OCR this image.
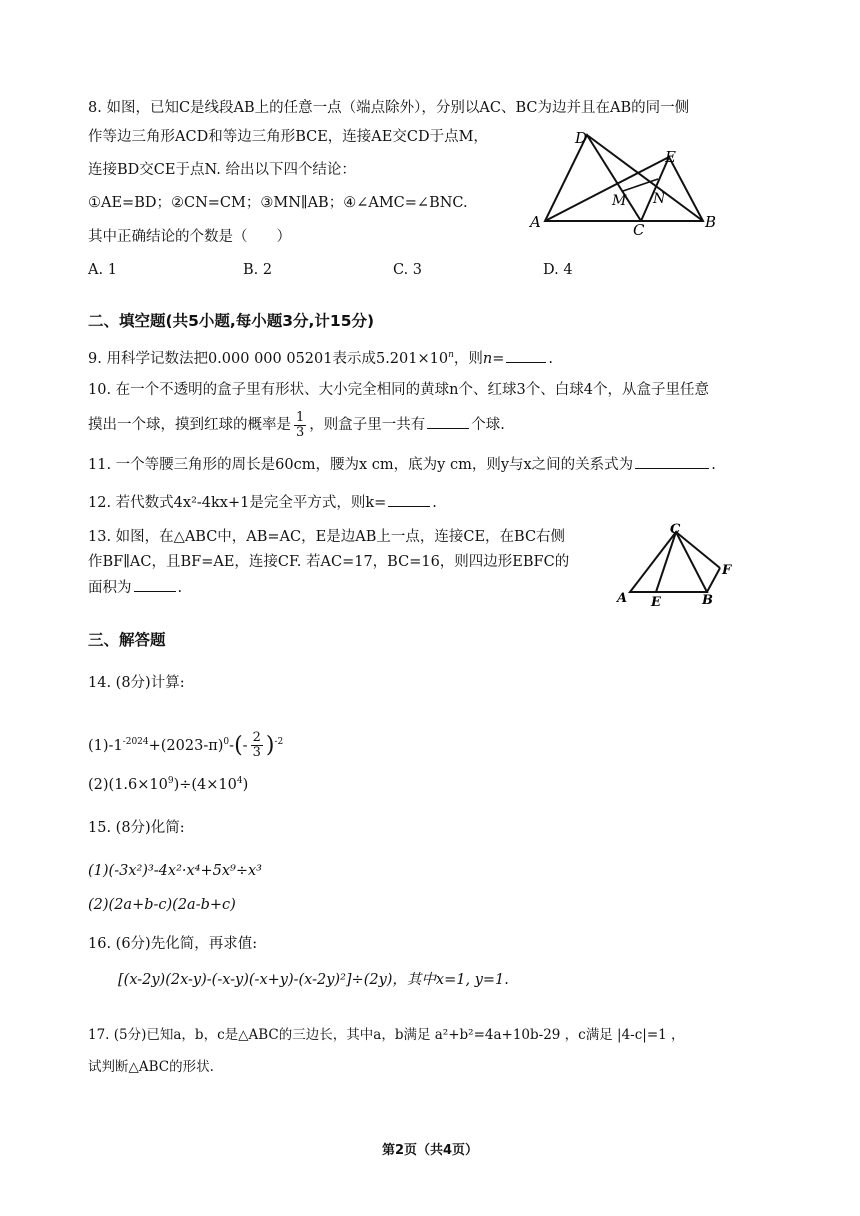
8. 如图，已知C是线段AB上的任意一点（端点除外），分别以AC、BC为边并且在AB的同一侧
作等边三角形ACD和等边三角形BCE，连接AE交CD于点M，
连接BD交CE于点N. 给出以下四个结论：
①AE=BD；②CN=CM；③MN∥AB；④∠AMC=∠BNC.
其中正确结论的个数是（　　）
A. 1	B. 2	C. 3	D. 4
D
E
M N
A	C	B
二、填空题(共5小题,每小题3分,计15分)
9. 用科学记数法把0.000 000 05201表示成$5.201\times 10^n$，则n=	.
10. 在一个不透明的盒子里有形状、大小完全相同的黄球n个、红球3个、白球4个，从盒子里任意
摸出一个球，摸到红球的概率是 $\frac{1}{3}$ ，则盒子里一共有	个球.
11. 一个等腰三角形的周长是60cm，腰为x cm，底为y cm，则y与x之间的关系式为	.
12. 若代数式4x²-4kx+1是完全平方式，则k=	.
13. 如图，在△ABC中，AB=AC，E是边AB上一点，连接CE，在BC右侧
作BF∥AC，且BF=AE，连接CF. 若AC=17，BC=16，则四边形EBFC的
面积为	.
C
F
A E	B
三、解答题
14. (8分)计算:
$(1)-1^{-2024}+(2023-\pi)^0-(- \frac{2}{3} )^{-2}$
$(2)(1.6\times 10^9)\div(4\times 10^4)$
15. (8分)化简:
(1)(-3x²)³-4x²·x⁴+5x⁹÷x³
(2)(2a+b-c)(2a-b+c)
16. (6分)先化简，再求值:
[(x-2y)(2x-y)-(-x-y)(-x+y)-(x-2y)²]÷(2y)，其中x=1, y=1.
17. (5分)已知a，b，c是△ABC的三边长，其中a，b满足 a²+b²=4a+10b-29 ，c满足 |4-c|=1 ，
试判断△ABC的形状.
第2页（共4页）
